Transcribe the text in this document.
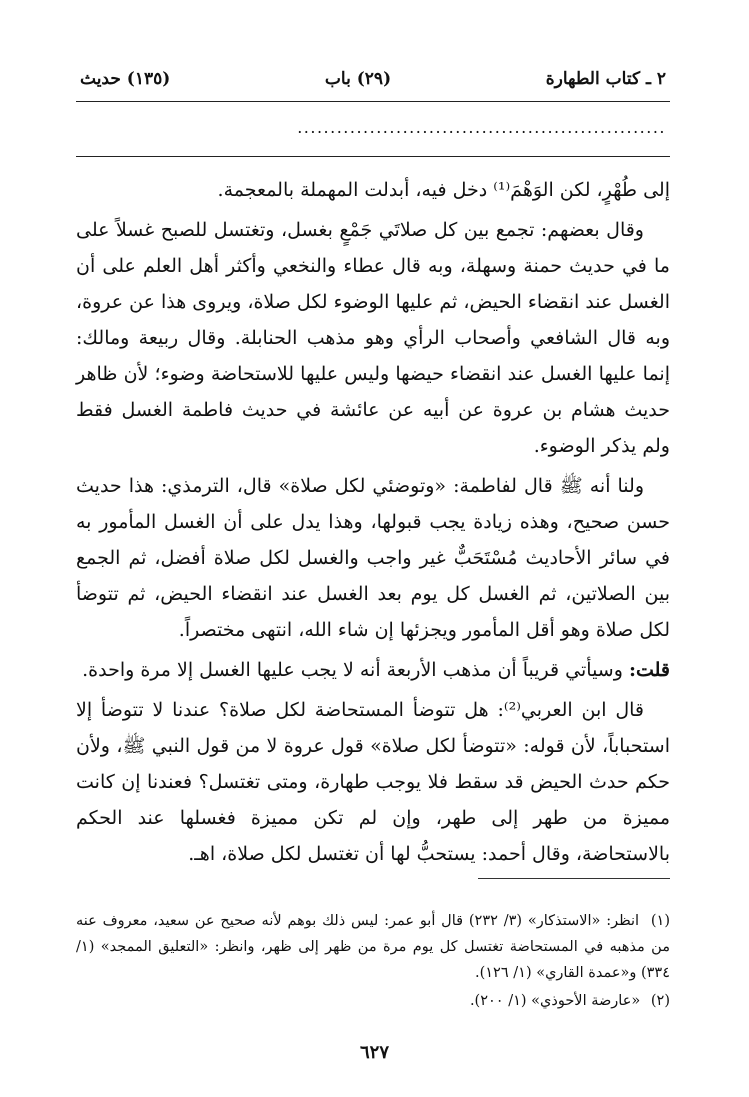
٢ ـ كتاب الطهارة
(٢٩) باب
(١٣٥) حديث
........................................................

إلى طُهْرٍ، لكن الوَهْمَ⁽¹⁾ دخل فيه، أبدلت المهملة بالمعجمة.

وقال بعضهم: تجمع بين كل صلاتَي جَمْعٍ بغسل، وتغتسل للصبح غسلاً على ما في حديث حمنة وسهلة، وبه قال عطاء والنخعي وأكثر أهل العلم على أن الغسل عند انقضاء الحيض، ثم عليها الوضوء لكل صلاة، ويروى هذا عن عروة، وبه قال الشافعي وأصحاب الرأي وهو مذهب الحنابلة. وقال ربيعة ومالك: إنما عليها الغسل عند انقضاء حيضها وليس عليها للاستحاضة وضوء؛ لأن ظاهر حديث هشام بن عروة عن أبيه عن عائشة في حديث فاطمة الغسل فقط ولم يذكر الوضوء.

ولنا أنه ﷺ قال لفاطمة: «وتوضئي لكل صلاة» قال، الترمذي: هذا حديث حسن صحيح، وهذه زيادة يجب قبولها، وهذا يدل على أن الغسل المأمور به في سائر الأحاديث مُسْتَحَبٌّ غير واجب والغسل لكل صلاة أفضل، ثم الجمع بين الصلاتين، ثم الغسل كل يوم بعد الغسل عند انقضاء الحيض، ثم تتوضأ لكل صلاة وهو أقل المأمور ويجزئها إن شاء الله، انتهى مختصراً.

قلت: وسيأتي قريباً أن مذهب الأربعة أنه لا يجب عليها الغسل إلا مرة واحدة.

قال ابن العربي⁽²⁾: هل تتوضأ المستحاضة لكل صلاة؟ عندنا لا تتوضأ إلا استحباباً، لأن قوله: «تتوضأ لكل صلاة» قول عروة لا من قول النبي ﷺ، ولأن حكم حدث الحيض قد سقط فلا يوجب طهارة، ومتى تغتسل؟ فعندنا إن كانت مميزة من طهر إلى طهر، وإن لم تكن مميزة فغسلها عند الحكم بالاستحاضة، وقال أحمد: يستحبُّ لها أن تغتسل لكل صلاة، اهـ.

(١) انظر: «الاستذكار» (٣/ ٢٣٢) قال أبو عمر: ليس ذلك بوهم لأنه صحيح عن سعيد، معروف عنه من مذهبه في المستحاضة تغتسل كل يوم مرة من ظهر إلى ظهر، وانظر: «التعليق الممجد» (١/ ٣٣٤) و«عمدة القاري» (١/ ١٢٦).

(٢) «عارضة الأحوذي» (١/ ٢٠٠).

٦٢٧
